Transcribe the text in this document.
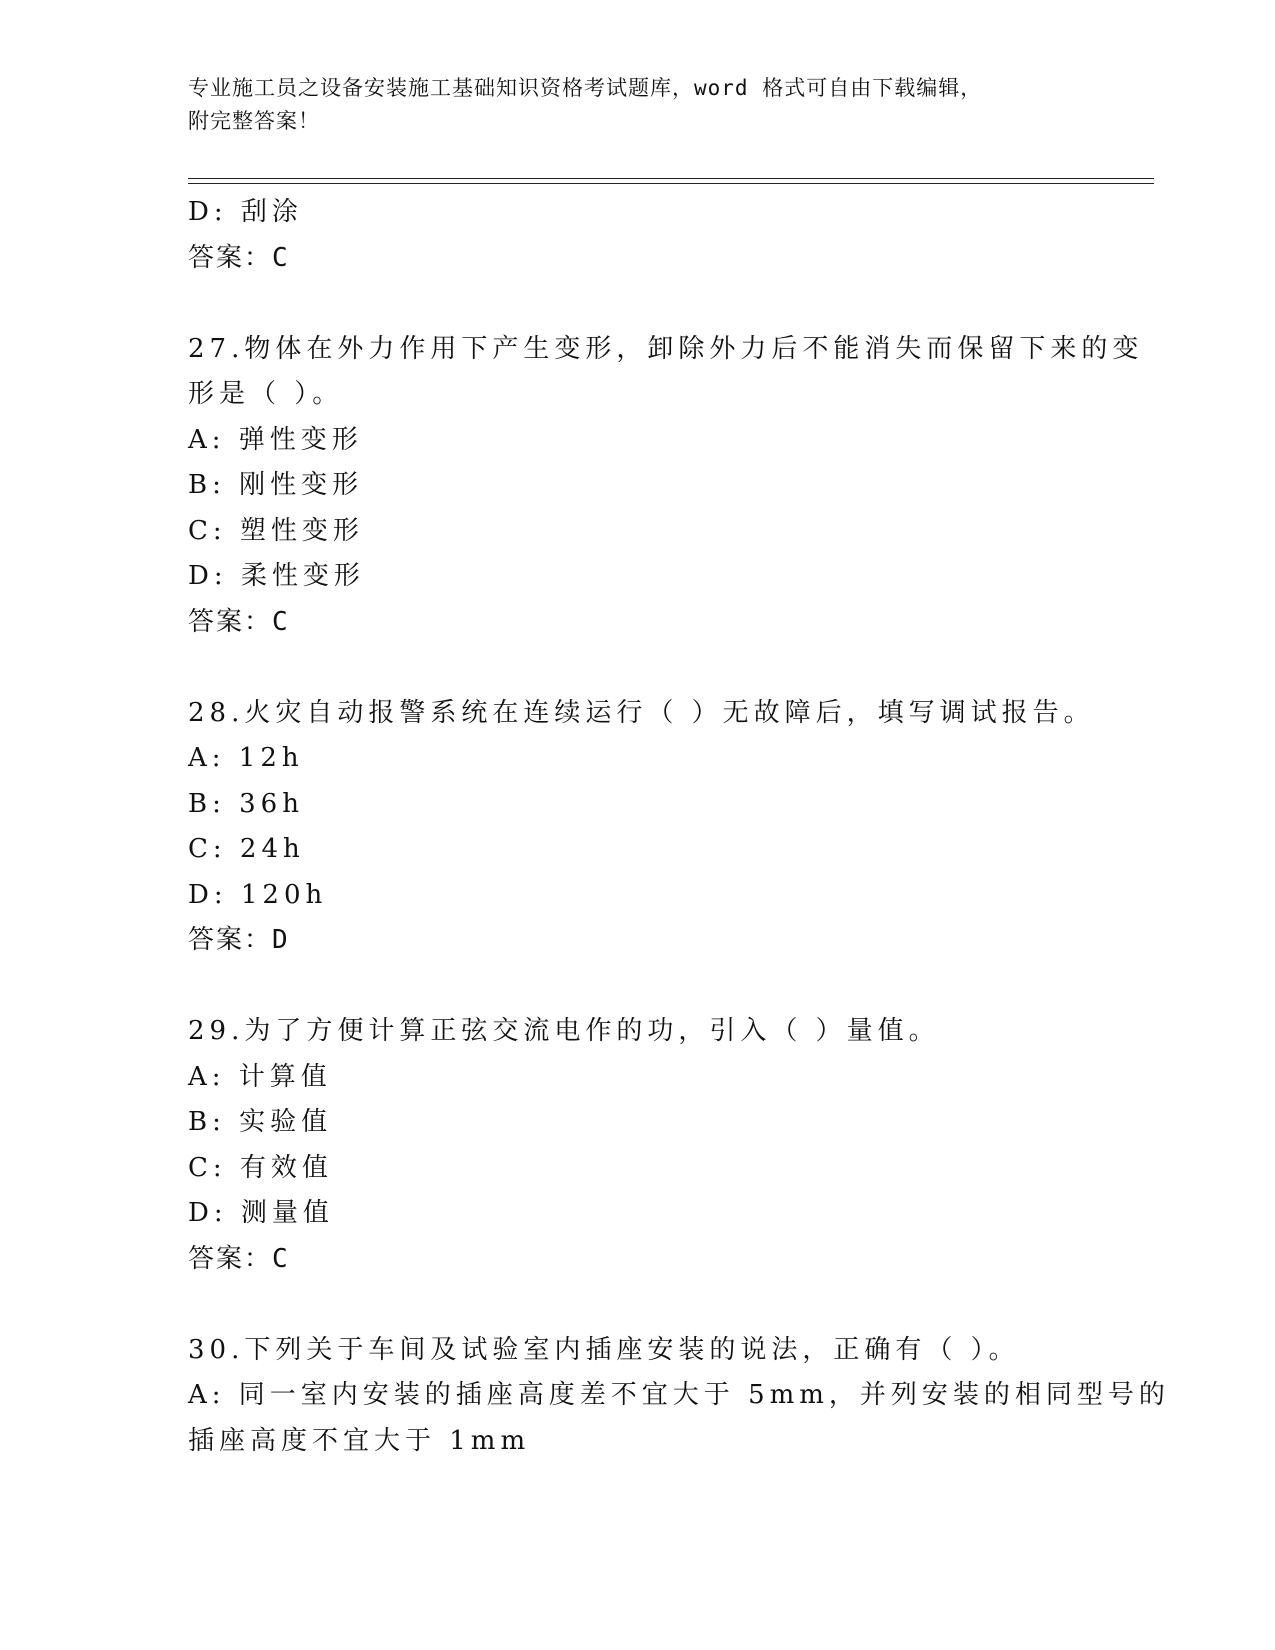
专业施工员之设备安装施工基础知识资格考试题库，word 格式可自由下载编辑，
附完整答案！
D: 刮涂
答案：C
27.物体在外力作用下产生变形，卸除外力后不能消失而保留下来的变
形是（ ）。
A: 弹性变形
B: 刚性变形
C: 塑性变形
D: 柔性变形
答案：C
28.火灾自动报警系统在连续运行（ ）无故障后，填写调试报告。
A: 12h
B: 36h
C: 24h
D: 120h
答案：D
29.为了方便计算正弦交流电作的功，引入（ ）量值。
A: 计算值
B: 实验值
C: 有效值
D: 测量值
答案：C
30.下列关于车间及试验室内插座安装的说法，正确有（ ）。
A: 同一室内安装的插座高度差不宜大于 5mm，并列安装的相同型号的
插座高度不宜大于 1mm
